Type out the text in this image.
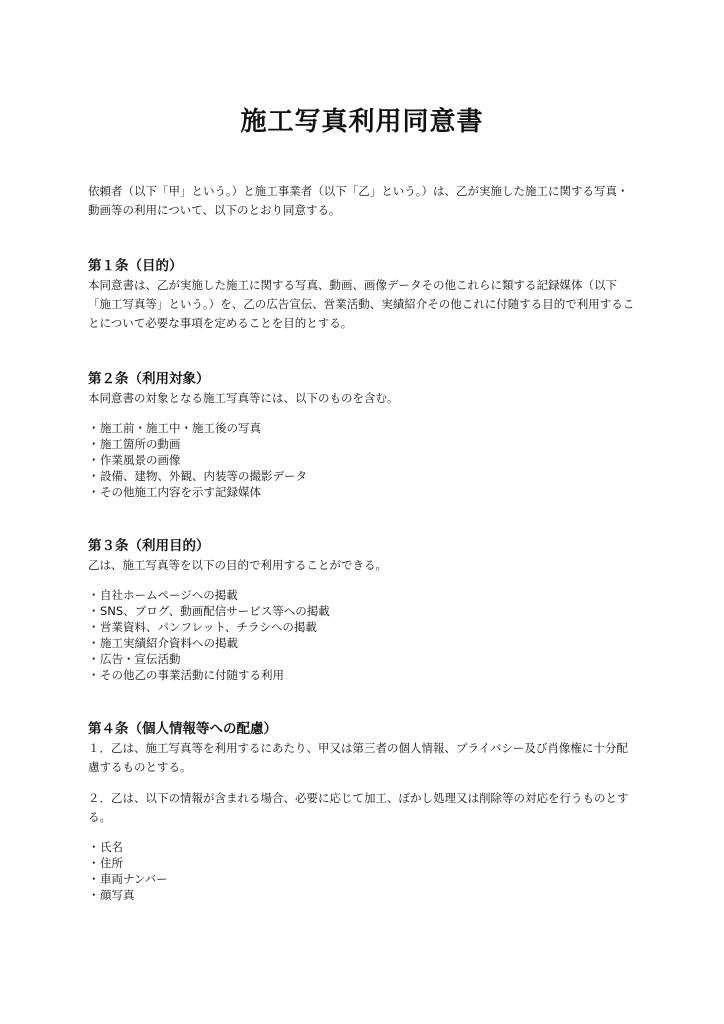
施工写真利用同意書

依頼者（以下「甲」という。）と施工事業者（以下「乙」という。）は、乙が実施した施工に関する写真・動画等の利用について、以下のとおり同意する。

第１条（目的）

本同意書は、乙が実施した施工に関する写真、動画、画像データその他これらに類する記録媒体（以下「施工写真等」という。）を、乙の広告宣伝、営業活動、実績紹介その他これに付随する目的で利用することについて必要な事項を定めることを目的とする。

第２条（利用対象）

本同意書の対象となる施工写真等には、以下のものを含む。

・施工前・施工中・施工後の写真
・施工箇所の動画
・作業風景の画像
・設備、建物、外観、内装等の撮影データ
・その他施工内容を示す記録媒体
第３条（利用目的）

乙は、施工写真等を以下の目的で利用することができる。

・自社ホームページへの掲載
・SNS、ブログ、動画配信サービス等への掲載
・営業資料、パンフレット、チラシへの掲載
・施工実績紹介資料への掲載
・広告・宣伝活動
・その他乙の事業活動に付随する利用
第４条（個人情報等への配慮）

１．乙は、施工写真等を利用するにあたり、甲又は第三者の個人情報、プライバシー及び肖像権に十分配慮するものとする。

２．乙は、以下の情報が含まれる場合、必要に応じて加工、ぼかし処理又は削除等の対応を行うものとする。

・氏名
・住所
・車両ナンバー
・顔写真
